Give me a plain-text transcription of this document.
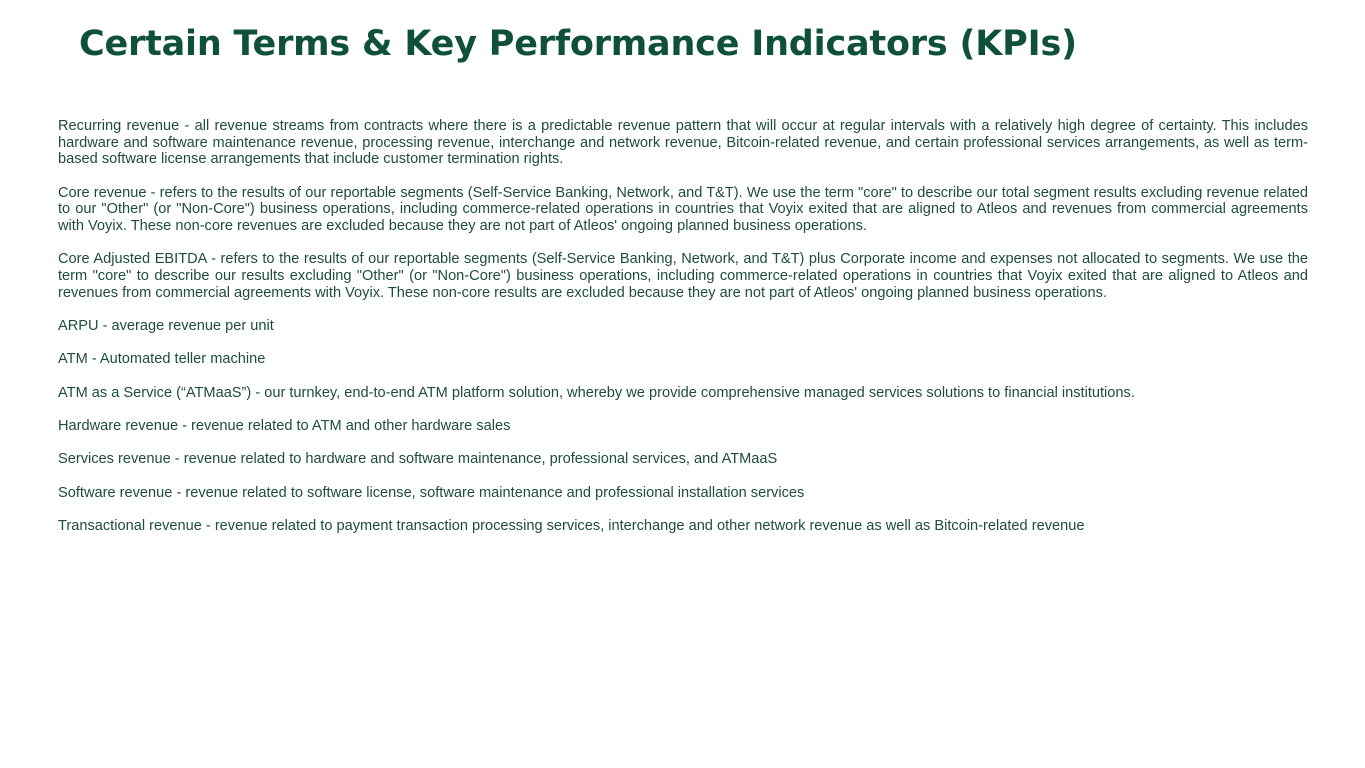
Certain Terms & Key Performance Indicators (KPIs)

Recurring revenue - all revenue streams from contracts where there is a predictable revenue pattern that will occur at regular intervals with a relatively high degree of certainty. This includes hardware and software maintenance revenue, processing revenue, interchange and network revenue, Bitcoin-related revenue, and certain professional services arrangements, as well as term-based software license arrangements that include customer termination rights.

Core revenue - refers to the results of our reportable segments (Self-Service Banking, Network, and T&T). We use the term "core" to describe our total segment results excluding revenue related to our "Other" (or "Non-Core") business operations, including commerce-related operations in countries that Voyix exited that are aligned to Atleos and revenues from commercial agreements with Voyix. These non-core revenues are excluded because they are not part of Atleos' ongoing planned business operations.

Core Adjusted EBITDA - refers to the results of our reportable segments (Self-Service Banking, Network, and T&T) plus Corporate income and expenses not allocated to segments. We use the term "core" to describe our results excluding "Other" (or "Non-Core") business operations, including commerce-related operations in countries that Voyix exited that are aligned to Atleos and revenues from commercial agreements with Voyix. These non-core results are excluded because they are not part of Atleos' ongoing planned business operations.

ARPU - average revenue per unit

ATM - Automated teller machine

ATM as a Service (“ATMaaS”) - our turnkey, end-to-end ATM platform solution, whereby we provide comprehensive managed services solutions to financial institutions.

Hardware revenue - revenue related to ATM and other hardware sales

Services revenue - revenue related to hardware and software maintenance, professional services, and ATMaaS

Software revenue - revenue related to software license, software maintenance and professional installation services

Transactional revenue - revenue related to payment transaction processing services, interchange and other network revenue as well as Bitcoin-related revenue
